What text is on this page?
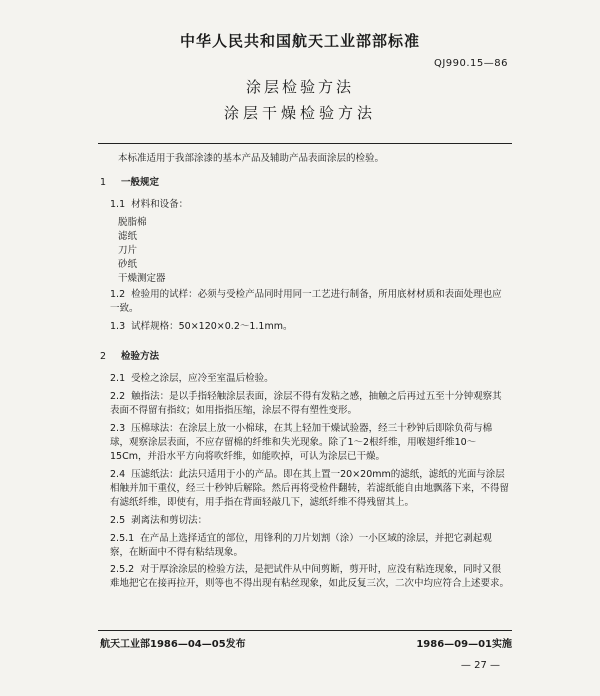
中华人民共和国航天工业部部标准
QJ990.15—86
涂层检验方法
涂层干燥检验方法

本标准适用于我部涂漆的基本产品及辅助产品表面涂层的检验。

1 一般规定
1.1 材料和设备：
脱脂棉
滤纸
刀片
砂纸
干燥测定器
1.2 检验用的试样：必须与受检产品同时用同一工艺进行制备，所用底材材质和表面处理也应一致。
1.3 试样规格：50×120×0.2～1.1mm。
2 检验方法
2.1 受检之涂层，应冷至室温后检验。
2.2 触指法：是以手指轻触涂层表面，涂层不得有发粘之感，抽触之后再过五至十分钟观察其表面不得留有指纹；如用指指压缩，涂层不得有塑性变形。
2.3 压棉球法：在涂层上放一小棉球，在其上轻加干燥试验器，经三十秒钟后即除负荷与棉球，观察涂层表面，不应存留棉的纤维和失光现象。除了1～2根纤维，用喉翅纤维10～15Cm，并沿水平方向将吹纤维，如能吹掉，可认为涂层已干燥。
2.4 压滤纸法：此法只适用于小的产品。即在其上置一20×20mm的滤纸，滤纸的光面与涂层相触并加干重仪，经三十秒钟后解除。然后再将受检件翻转，若滤纸能自由地飘落下来，不得留有滤纸纤维，即使有，用手指在背面轻敲几下，滤纸纤维不得残留其上。
2.5 剥离法和剪切法：
2.5.1 在产品上选择适宜的部位，用锋利的刀片划割（涂）一小区域的涂层，并把它剥起观察，在断面中不得有粘结现象。
2.5.2 对于厚涂涂层的检验方法，是把试件从中间剪断，剪开时，应没有粘连现象，同时又很难地把它在接再拉开，则等也不得出现有粘丝现象，如此反复三次，二次中均应符合上述要求。
航天工业部1986—04—05发布	1986—09—01实施
— 27 —
